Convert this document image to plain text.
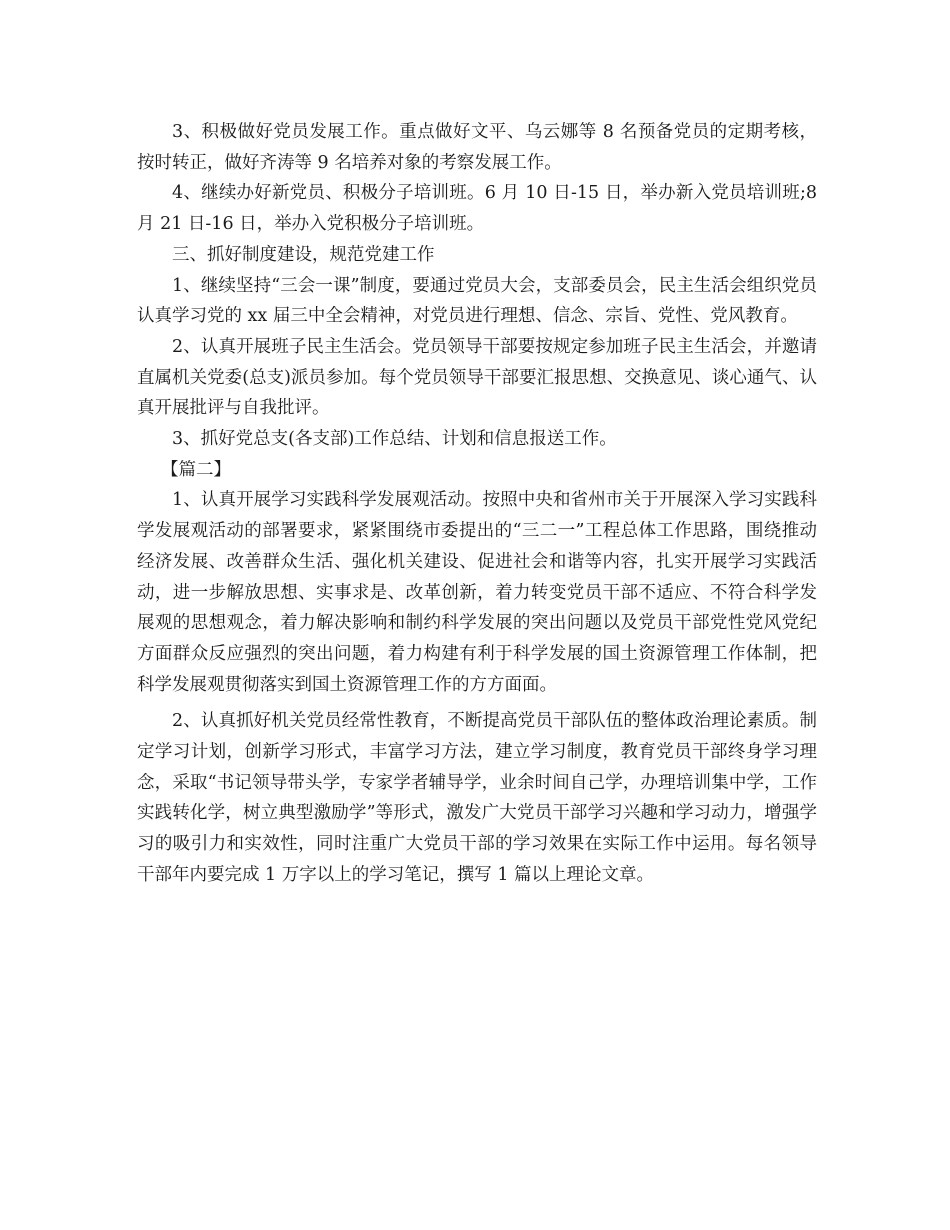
3、积极做好党员发展工作。重点做好文平、乌云娜等 8 名预备党员的定期考核，按时转正，做好齐涛等 9 名培养对象的考察发展工作。

4、继续办好新党员、积极分子培训班。6 月 10 日-15 日，举办新入党员培训班;8 月 21 日-16 日，举办入党积极分子培训班。

三、抓好制度建设，规范党建工作

1、继续坚持“三会一课”制度，要通过党员大会，支部委员会，民主生活会组织党员认真学习党的 xx 届三中全会精神，对党员进行理想、信念、宗旨、党性、党风教育。

2、认真开展班子民主生活会。党员领导干部要按规定参加班子民主生活会，并邀请直属机关党委(总支)派员参加。每个党员领导干部要汇报思想、交换意见、谈心通气、认真开展批评与自我批评。

3、抓好党总支(各支部)工作总结、计划和信息报送工作。

【篇二】

1、认真开展学习实践科学发展观活动。按照中央和省州市关于开展深入学习实践科学发展观活动的部署要求，紧紧围绕市委提出的“三二一”工程总体工作思路，围绕推动经济发展、改善群众生活、强化机关建设、促进社会和谐等内容，扎实开展学习实践活动，进一步解放思想、实事求是、改革创新，着力转变党员干部不适应、不符合科学发展观的思想观念，着力解决影响和制约科学发展的突出问题以及党员干部党性党风党纪方面群众反应强烈的突出问题，着力构建有利于科学发展的国土资源管理工作体制，把科学发展观贯彻落实到国土资源管理工作的方方面面。

2、认真抓好机关党员经常性教育，不断提高党员干部队伍的整体政治理论素质。制定学习计划，创新学习形式，丰富学习方法，建立学习制度，教育党员干部终身学习理念，采取“书记领导带头学，专家学者辅导学，业余时间自己学，办理培训集中学，工作实践转化学，树立典型激励学”等形式，激发广大党员干部学习兴趣和学习动力，增强学习的吸引力和实效性，同时注重广大党员干部的学习效果在实际工作中运用。每名领导干部年内要完成 1 万字以上的学习笔记，撰写 1 篇以上理论文章。
